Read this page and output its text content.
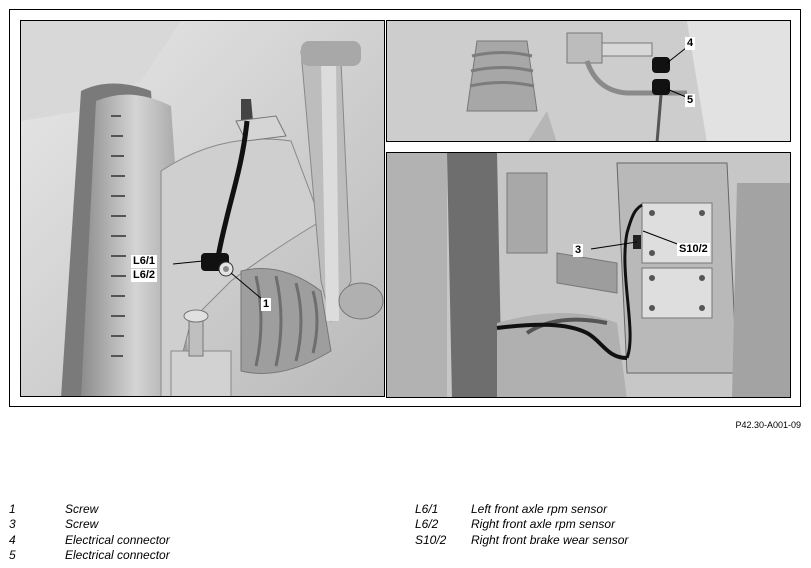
L6/1
L6/2
1
4
5
3	S10/2
P42.30-A001-09
1	Screw
3	Screw
4	Electrical connector
5	Electrical connector
L6/1	Left front axle rpm sensor
L6/2	Right front axle rpm sensor
S10/2 Right front brake wear sensor
